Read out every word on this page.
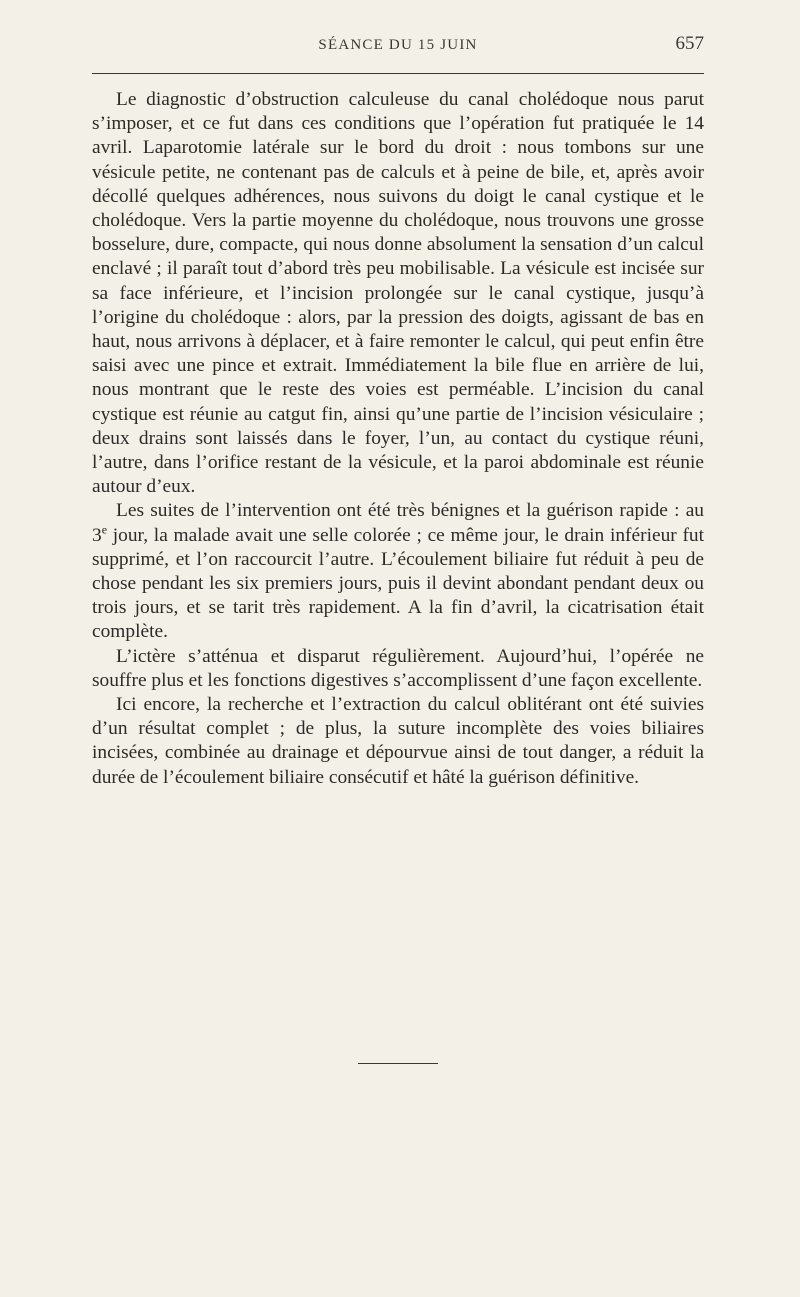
SÉANCE DU 15 JUIN	657

Le diagnostic d’obstruction calculeuse du canal cholédoque nous parut s’imposer, et ce fut dans ces conditions que l’opération fut pratiquée le 14 avril. Laparotomie latérale sur le bord du droit : nous tombons sur une vésicule petite, ne contenant pas de calculs et à peine de bile, et, après avoir décollé quelques adhérences, nous suivons du doigt le canal cystique et le cholédoque. Vers la partie moyenne du cholédoque, nous trouvons une grosse bosselure, dure, compacte, qui nous donne absolument la sensation d’un calcul enclavé ; il paraît tout d’abord très peu mobilisable. La vésicule est incisée sur sa face inférieure, et l’incision prolongée sur le canal cystique, jusqu’à l’origine du cholédoque : alors, par la pression des doigts, agissant de bas en haut, nous arrivons à déplacer, et à faire remonter le calcul, qui peut enfin être saisi avec une pince et extrait. Immédiatement la bile flue en arrière de lui, nous montrant que le reste des voies est perméable. L’incision du canal cystique est réunie au catgut fin, ainsi qu’une partie de l’incision vésiculaire ; deux drains sont laissés dans le foyer, l’un, au contact du cystique réuni, l’autre, dans l’orifice restant de la vésicule, et la paroi abdominale est réunie autour d’eux.

Les suites de l’intervention ont été très bénignes et la guérison rapide : au 3e jour, la malade avait une selle colorée ; ce même jour, le drain inférieur fut supprimé, et l’on raccourcit l’autre. L’écoulement biliaire fut réduit à peu de chose pendant les six premiers jours, puis il devint abondant pendant deux ou trois jours, et se tarit très rapidement. A la fin d’avril, la cicatrisation était complète.

L’ictère s’atténua et disparut régulièrement. Aujourd’hui, l’opérée ne souffre plus et les fonctions digestives s’accomplissent d’une façon excellente.

Ici encore, la recherche et l’extraction du calcul oblitérant ont été suivies d’un résultat complet ; de plus, la suture incomplète des voies biliaires incisées, combinée au drainage et dépourvue ainsi de tout danger, a réduit la durée de l’écoulement biliaire consécutif et hâté la guérison définitive.
